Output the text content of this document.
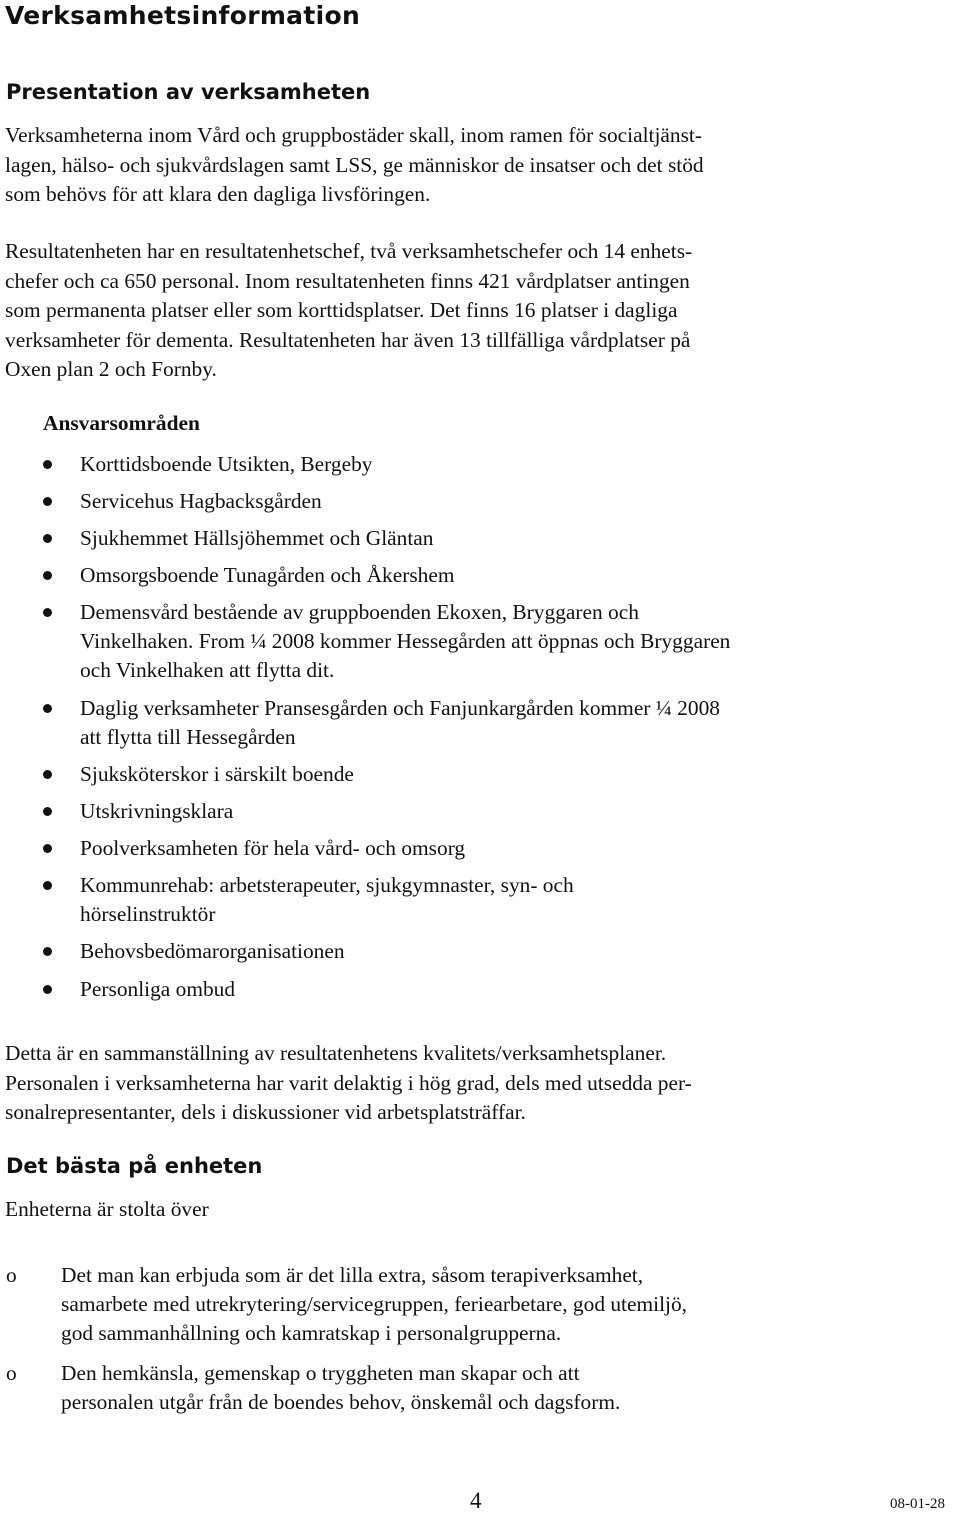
Verksamhetsinformation
Presentation av verksamheten
Verksamheterna inom Vård och gruppbostäder skall, inom ramen för socialtjänst-
lagen, hälso- och sjukvårdslagen samt LSS, ge människor de insatser och det stöd
som behövs för att klara den dagliga livsföringen.
Resultatenheten har en resultatenhetschef, två verksamhetschefer och 14 enhets-
chefer och ca 650 personal. Inom resultatenheten finns 421 vårdplatser antingen
som permanenta platser eller som korttidsplatser. Det finns 16 platser i dagliga
verksamheter för dementa. Resultatenheten har även 13 tillfälliga vårdplatser på
Oxen plan 2 och Fornby.
Ansvarsområden
Korttidsboende Utsikten, Bergeby
Servicehus Hagbacksgården
Sjukhemmet Hällsjöhemmet och Gläntan
Omsorgsboende Tunagården och Åkershem
Demensvård bestående av gruppboenden Ekoxen, Bryggaren och
Vinkelhaken. From ¼ 2008 kommer Hessegården att öppnas och Bryggaren
och Vinkelhaken att flytta dit.
Daglig verksamheter Pransesgården och Fanjunkargården kommer ¼ 2008
att flytta till Hessegården
Sjuksköterskor i särskilt boende
Utskrivningsklara
Poolverksamheten för hela vård- och omsorg
Kommunrehab: arbetsterapeuter, sjukgymnaster, syn- och
hörselinstruktör
Behovsbedömarorganisationen
Personliga ombud
Detta är en sammanställning av resultatenhetens kvalitets/verksamhetsplaner.
Personalen i verksamheterna har varit delaktig i hög grad, dels med utsedda per-
sonalrepresentanter, dels i diskussioner vid arbetsplatsträffar.
Det bästa på enheten

Enheterna är stolta över

o Det man kan erbjuda som är det lilla extra, såsom terapiverksamhet,
samarbete med utrekrytering/servicegruppen, feriearbetare, god utemiljö,
god sammanhållning och kamratskap i personalgrupperna.
o Den hemkänsla, gemenskap o tryggheten man skapar och att
personalen utgår från de boendes behov, önskemål och dagsform.

4	08-01-28
